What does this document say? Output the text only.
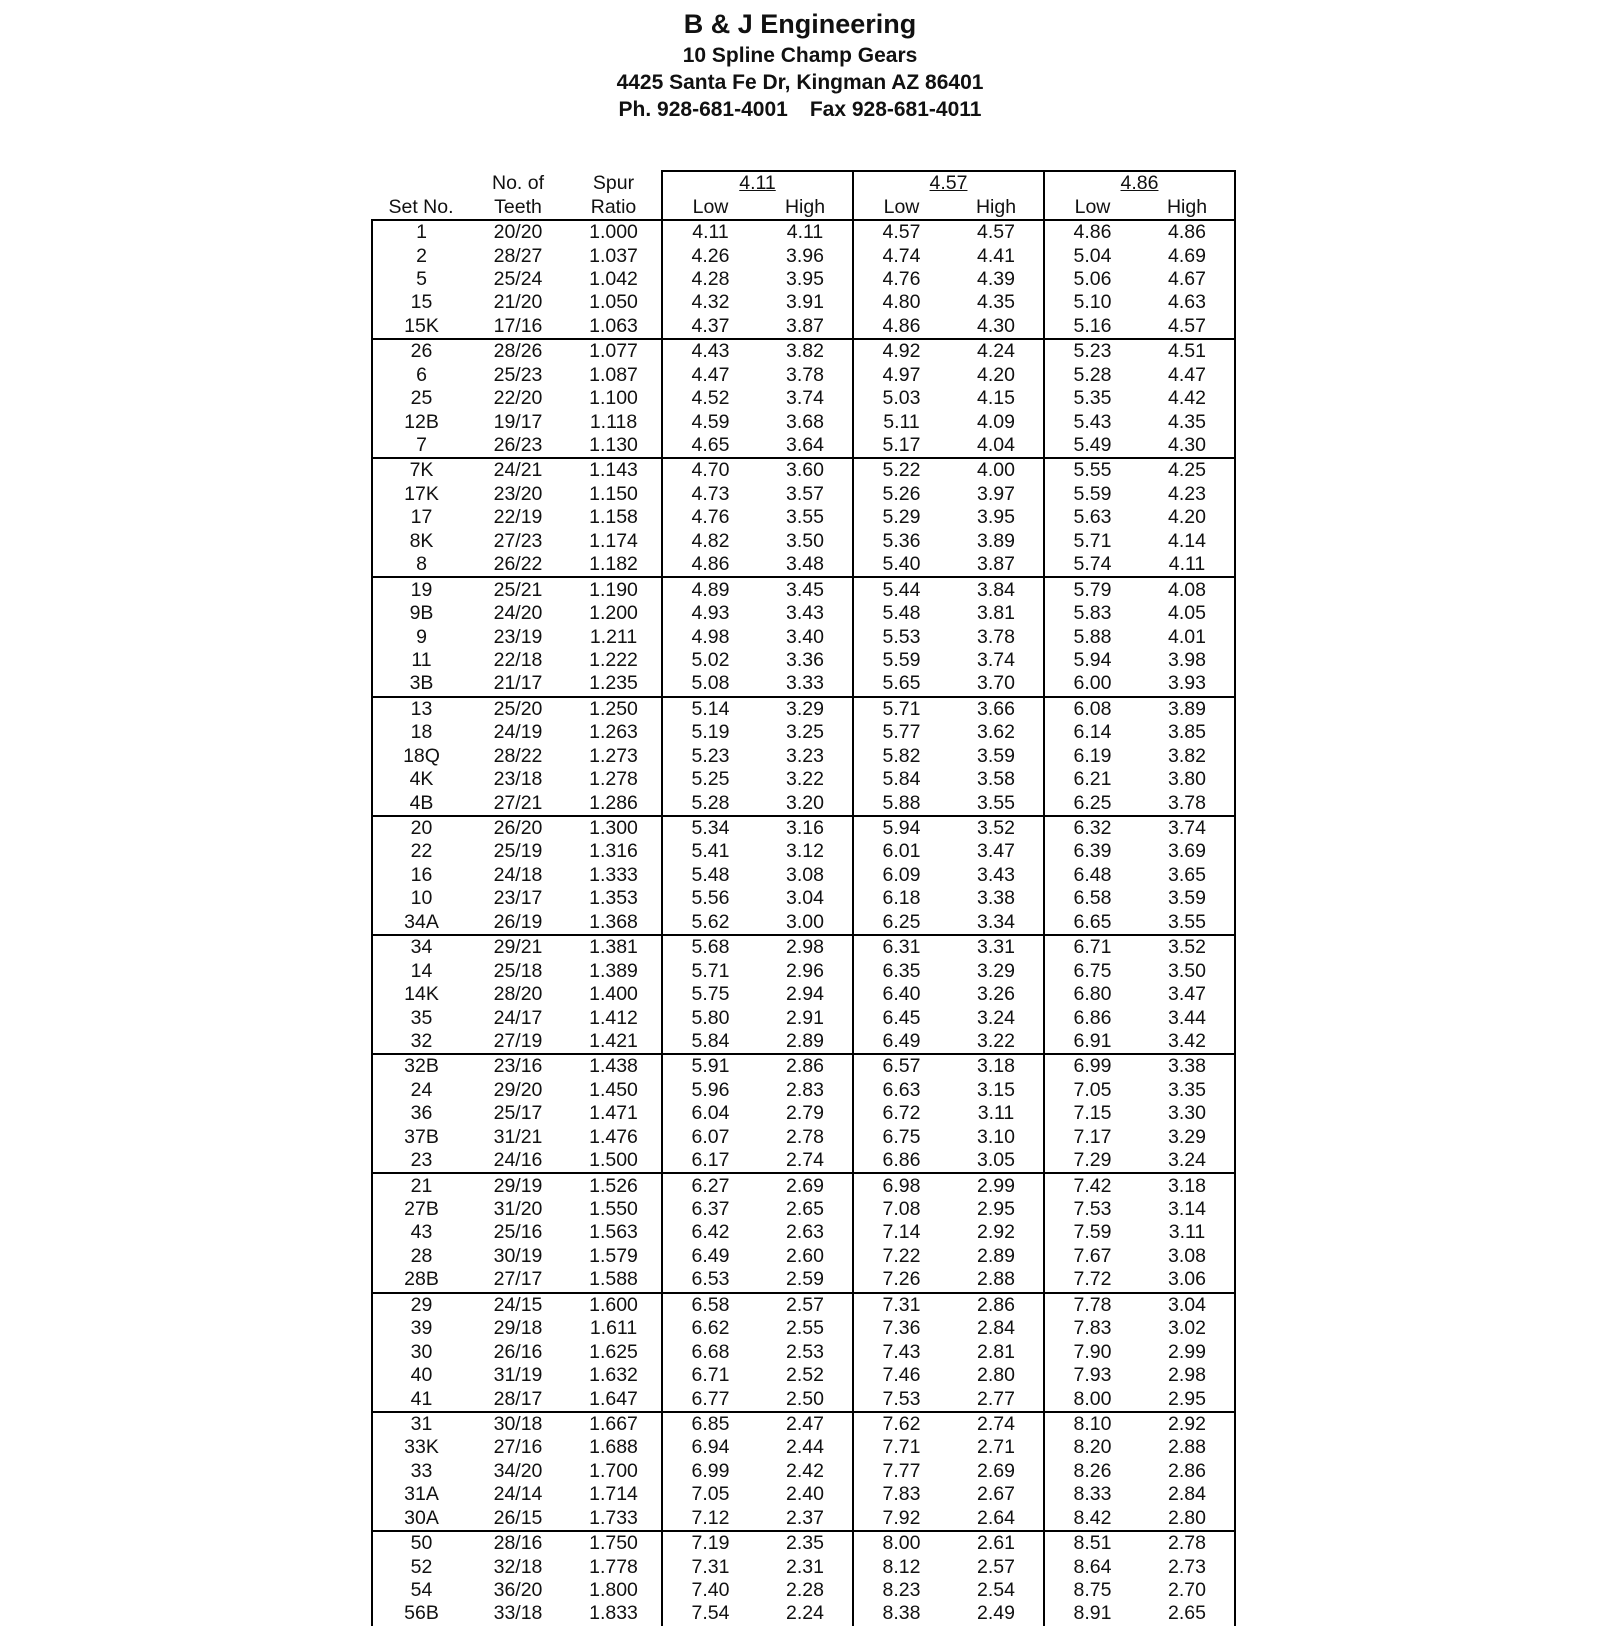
B & J Engineering
10 Spline Champ Gears
4425 Santa Fe Dr, Kingman AZ 86401
Ph. 928-681-4001 Fax 928-681-4011
	No. of	Spur	4.11		4.57		4.86	
Set No.	Teeth	Ratio	Low	High	Low	High	Low	High
1	20/20	1.000	4.11	4.11	4.57	4.57	4.86	4.86
2	28/27	1.037	4.26	3.96	4.74	4.41	5.04	4.69
5	25/24	1.042	4.28	3.95	4.76	4.39	5.06	4.67
15	21/20	1.050	4.32	3.91	4.80	4.35	5.10	4.63
15K	17/16	1.063	4.37	3.87	4.86	4.30	5.16	4.57
26	28/26	1.077	4.43	3.82	4.92	4.24	5.23	4.51
6	25/23	1.087	4.47	3.78	4.97	4.20	5.28	4.47
25	22/20	1.100	4.52	3.74	5.03	4.15	5.35	4.42
12B	19/17	1.118	4.59	3.68	5.11	4.09	5.43	4.35
7	26/23	1.130	4.65	3.64	5.17	4.04	5.49	4.30
7K	24/21	1.143	4.70	3.60	5.22	4.00	5.55	4.25
17K	23/20	1.150	4.73	3.57	5.26	3.97	5.59	4.23
17	22/19	1.158	4.76	3.55	5.29	3.95	5.63	4.20
8K	27/23	1.174	4.82	3.50	5.36	3.89	5.71	4.14
8	26/22	1.182	4.86	3.48	5.40	3.87	5.74	4.11
19	25/21	1.190	4.89	3.45	5.44	3.84	5.79	4.08
9B	24/20	1.200	4.93	3.43	5.48	3.81	5.83	4.05
9	23/19	1.211	4.98	3.40	5.53	3.78	5.88	4.01
11	22/18	1.222	5.02	3.36	5.59	3.74	5.94	3.98
3B	21/17	1.235	5.08	3.33	5.65	3.70	6.00	3.93
13	25/20	1.250	5.14	3.29	5.71	3.66	6.08	3.89
18	24/19	1.263	5.19	3.25	5.77	3.62	6.14	3.85
18Q	28/22	1.273	5.23	3.23	5.82	3.59	6.19	3.82
4K	23/18	1.278	5.25	3.22	5.84	3.58	6.21	3.80
4B	27/21	1.286	5.28	3.20	5.88	3.55	6.25	3.78
20	26/20	1.300	5.34	3.16	5.94	3.52	6.32	3.74
22	25/19	1.316	5.41	3.12	6.01	3.47	6.39	3.69
16	24/18	1.333	5.48	3.08	6.09	3.43	6.48	3.65
10	23/17	1.353	5.56	3.04	6.18	3.38	6.58	3.59
34A	26/19	1.368	5.62	3.00	6.25	3.34	6.65	3.55
34	29/21	1.381	5.68	2.98	6.31	3.31	6.71	3.52
14	25/18	1.389	5.71	2.96	6.35	3.29	6.75	3.50
14K	28/20	1.400	5.75	2.94	6.40	3.26	6.80	3.47
35	24/17	1.412	5.80	2.91	6.45	3.24	6.86	3.44
32	27/19	1.421	5.84	2.89	6.49	3.22	6.91	3.42
32B	23/16	1.438	5.91	2.86	6.57	3.18	6.99	3.38
24	29/20	1.450	5.96	2.83	6.63	3.15	7.05	3.35
36	25/17	1.471	6.04	2.79	6.72	3.11	7.15	3.30
37B	31/21	1.476	6.07	2.78	6.75	3.10	7.17	3.29
23	24/16	1.500	6.17	2.74	6.86	3.05	7.29	3.24
21	29/19	1.526	6.27	2.69	6.98	2.99	7.42	3.18
27B	31/20	1.550	6.37	2.65	7.08	2.95	7.53	3.14
43	25/16	1.563	6.42	2.63	7.14	2.92	7.59	3.11
28	30/19	1.579	6.49	2.60	7.22	2.89	7.67	3.08
28B	27/17	1.588	6.53	2.59	7.26	2.88	7.72	3.06
29	24/15	1.600	6.58	2.57	7.31	2.86	7.78	3.04
39	29/18	1.611	6.62	2.55	7.36	2.84	7.83	3.02
30	26/16	1.625	6.68	2.53	7.43	2.81	7.90	2.99
40	31/19	1.632	6.71	2.52	7.46	2.80	7.93	2.98
41	28/17	1.647	6.77	2.50	7.53	2.77	8.00	2.95
31	30/18	1.667	6.85	2.47	7.62	2.74	8.10	2.92
33K	27/16	1.688	6.94	2.44	7.71	2.71	8.20	2.88
33	34/20	1.700	6.99	2.42	7.77	2.69	8.26	2.86
31A	24/14	1.714	7.05	2.40	7.83	2.67	8.33	2.84
30A	26/15	1.733	7.12	2.37	7.92	2.64	8.42	2.80
50	28/16	1.750	7.19	2.35	8.00	2.61	8.51	2.78
52	32/18	1.778	7.31	2.31	8.12	2.57	8.64	2.73
54	36/20	1.800	7.40	2.28	8.23	2.54	8.75	2.70
56B	33/18	1.833	7.54	2.24	8.38	2.49	8.91	2.65
